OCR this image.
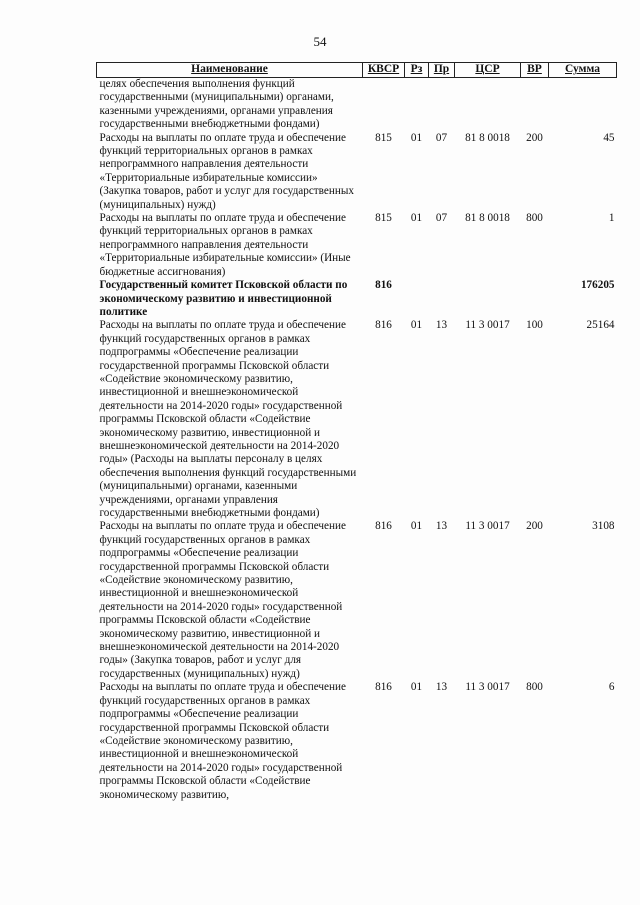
54
Наименование	КВСР	Рз	Пр	ЦСР	ВР	Сумма
целях обеспечения выполнения функций государственными (муниципальными) органами, казенными учреждениями, органами управления государственными внебюджетными фондами)						
Расходы на выплаты по оплате труда и обеспечение функций территориальных органов в рамках непрограммного направления деятельности «Территориальные избирательные комиссии» (Закупка товаров, работ и услуг для государственных (муниципальных) нужд)	815	01	07	81 8 0018	200	45
Расходы на выплаты по оплате труда и обеспечение функций территориальных органов в рамках непрограммного направления деятельности «Территориальные избирательные комиссии» (Иные бюджетные ассигнования)	815	01	07	81 8 0018	800	1
Государственный комитет Псковской области по экономическому развитию и инвестиционной политике	816					176205
Расходы на выплаты по оплате труда и обеспечение функций государственных органов в рамках подпрограммы «Обеспечение реализации государственной программы Псковской области «Содействие экономическому развитию, инвестиционной и внешнеэкономической деятельности на 2014-2020 годы» государственной программы Псковской области «Содействие экономическому развитию, инвестиционной и внешнеэкономической деятельности на 2014-2020 годы» (Расходы на выплаты персоналу в целях обеспечения выполнения функций государственными (муниципальными) органами, казенными учреждениями, органами управления государственными внебюджетными фондами)	816	01	13	11 3 0017	100	25164
Расходы на выплаты по оплате труда и обеспечение функций государственных органов в рамках подпрограммы «Обеспечение реализации государственной программы Псковской области «Содействие экономическому развитию, инвестиционной и внешнеэкономической деятельности на 2014-2020 годы» государственной программы Псковской области «Содействие экономическому развитию, инвестиционной и внешнеэкономической деятельности на 2014-2020 годы» (Закупка товаров, работ и услуг для государственных (муниципальных) нужд)	816	01	13	11 3 0017	200	3108
Расходы на выплаты по оплате труда и обеспечение функций государственных органов в рамках подпрограммы «Обеспечение реализации государственной программы Псковской области «Содействие экономическому развитию, инвестиционной и внешнеэкономической деятельности на 2014-2020 годы» государственной программы Псковской области «Содействие экономическому развитию,	816	01	13	11 3 0017	800	6
